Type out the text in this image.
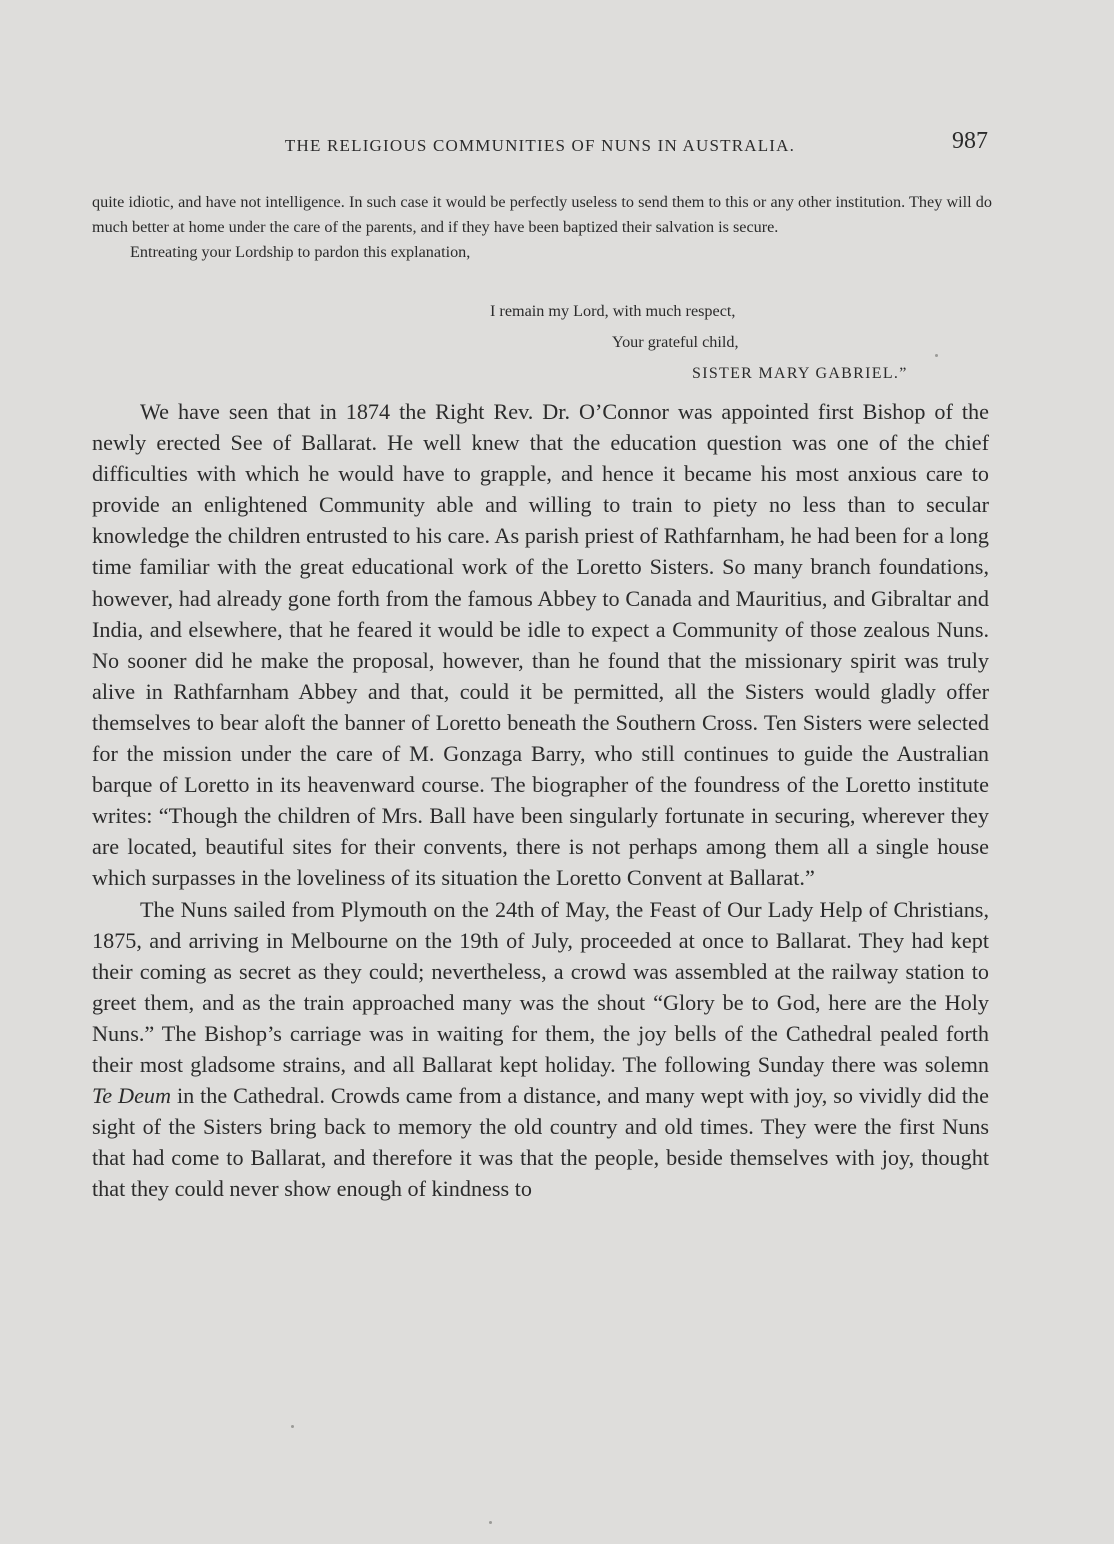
THE RELIGIOUS COMMUNITIES OF NUNS IN AUSTRALIA.	987

quite idiotic, and have not intelligence. In such case it would be perfectly useless to send them to this or any other institution. They will do much better at home under the care of the parents, and if they have been baptized their salvation is secure.

Entreating your Lordship to pardon this explanation,

I remain my Lord, with much respect,
Your grateful child,
SISTER MARY GABRIEL.”

We have seen that in 1874 the Right Rev. Dr. O’Connor was appointed first Bishop of the newly erected See of Ballarat. He well knew that the education question was one of the chief difficulties with which he would have to grapple, and hence it became his most anxious care to provide an enlightened Community able and willing to train to piety no less than to secular knowledge the children entrusted to his care. As parish priest of Rathfarnham, he had been for a long time familiar with the great educational work of the Loretto Sisters. So many branch foundations, however, had already gone forth from the famous Abbey to Canada and Mauritius, and Gibraltar and India, and elsewhere, that he feared it would be idle to expect a Community of those zealous Nuns. No sooner did he make the proposal, however, than he found that the missionary spirit was truly alive in Rathfarnham Abbey and that, could it be permitted, all the Sisters would gladly offer themselves to bear aloft the banner of Loretto beneath the Southern Cross. Ten Sisters were selected for the mission under the care of M. Gonzaga Barry, who still continues to guide the Australian barque of Loretto in its heavenward course. The biographer of the foundress of the Loretto institute writes: “Though the children of Mrs. Ball have been singularly fortunate in securing, wherever they are located, beautiful sites for their convents, there is not perhaps among them all a single house which surpasses in the loveliness of its situation the Loretto Convent at Ballarat.”

The Nuns sailed from Plymouth on the 24th of May, the Feast of Our Lady Help of Christians, 1875, and arriving in Melbourne on the 19th of July, proceeded at once to Ballarat. They had kept their coming as secret as they could; nevertheless, a crowd was assembled at the railway station to greet them, and as the train approached many was the shout “Glory be to God, here are the Holy Nuns.” The Bishop’s carriage was in waiting for them, the joy bells of the Cathedral pealed forth their most gladsome strains, and all Ballarat kept holiday. The following Sunday there was solemn Te Deum in the Cathedral. Crowds came from a distance, and many wept with joy, so vividly did the sight of the Sisters bring back to memory the old country and old times. They were the first Nuns that had come to Ballarat, and therefore it was that the people, beside themselves with joy, thought that they could never show enough of kindness to
